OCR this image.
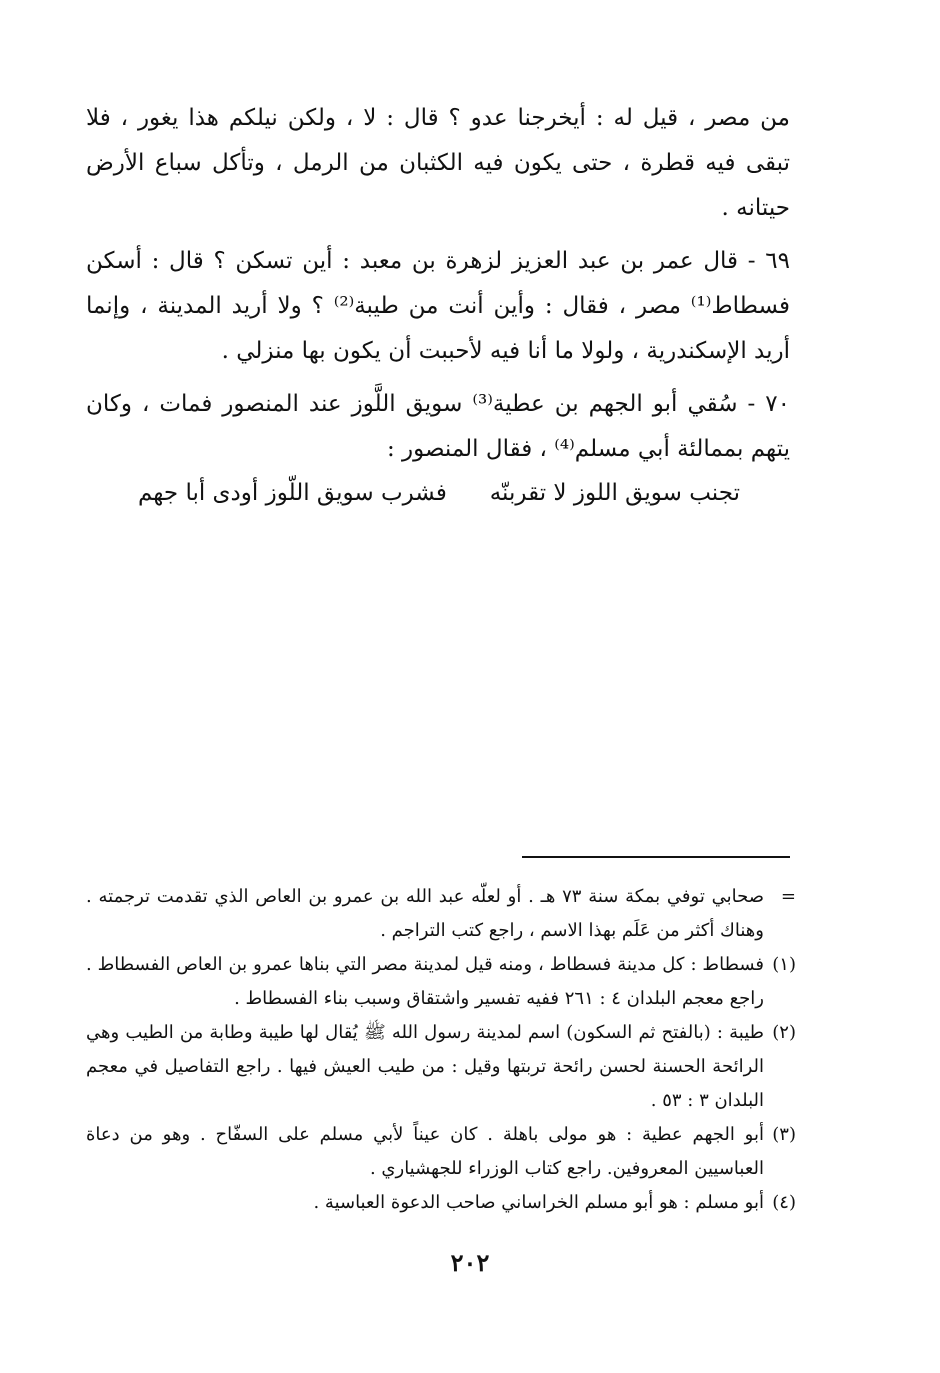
من مصر ، قيل له : أيخرجنا عدو ؟ قال : لا ، ولكن نيلكم هذا يغور ، فلا تبقى فيه قطرة ، حتى يكون فيه الكثبان من الرمل ، وتأكل سباع الأرض حيتانه .

٦٩ - قال عمر بن عبد العزيز لزهرة بن معبد : أين تسكن ؟ قال : أسكن فسطاط⁽¹⁾ مصر ، فقال : وأين أنت من طيبة⁽²⁾ ؟ ولا أريد المدينة ، وإنما أريد الإسكندرية ، ولولا ما أنا فيه لأحببت أن يكون بها منزلي .

٧٠ - سُقي أبو الجهم بن عطية⁽³⁾ سويق اللَّوز عند المنصور فمات ، وكان يتهم بممالئة أبي مسلم⁽⁴⁾ ، فقال المنصور :

تجنب سويق اللوز لا تقربنّه
فشرب سويق اللّوز أودى أبا جهم

=
صحابي توفي بمكة سنة ٧٣ هـ . أو لعلّه عبد الله بن عمرو بن العاص الذي تقدمت ترجمته . وهناك أكثر من عَلَم بهذا الاسم ، راجع كتب التراجم .

(١)
فسطاط : كل مدينة فسطاط ، ومنه قيل لمدينة مصر التي بناها عمرو بن العاص الفسطاط . راجع معجم البلدان ٤ : ٢٦١ ففيه تفسير واشتقاق وسبب بناء الفسطاط .

(٢)
طيبة : (بالفتح ثم السكون) اسم لمدينة رسول الله ﷺ يُقال لها طيبة وطابة من الطيب وهي الرائحة الحسنة لحسن رائحة تربتها وقيل : من طيب العيش فيها . راجع التفاصيل في معجم البلدان ٣ : ٥٣ .

(٣)
أبو الجهم عطية : هو مولى باهلة . كان عيناً لأبي مسلم على السفّاح . وهو من دعاة العباسيين المعروفين. راجع كتاب الوزراء للجهشياري .

(٤)
أبو مسلم : هو أبو مسلم الخراساني صاحب الدعوة العباسية .

٢٠٢
